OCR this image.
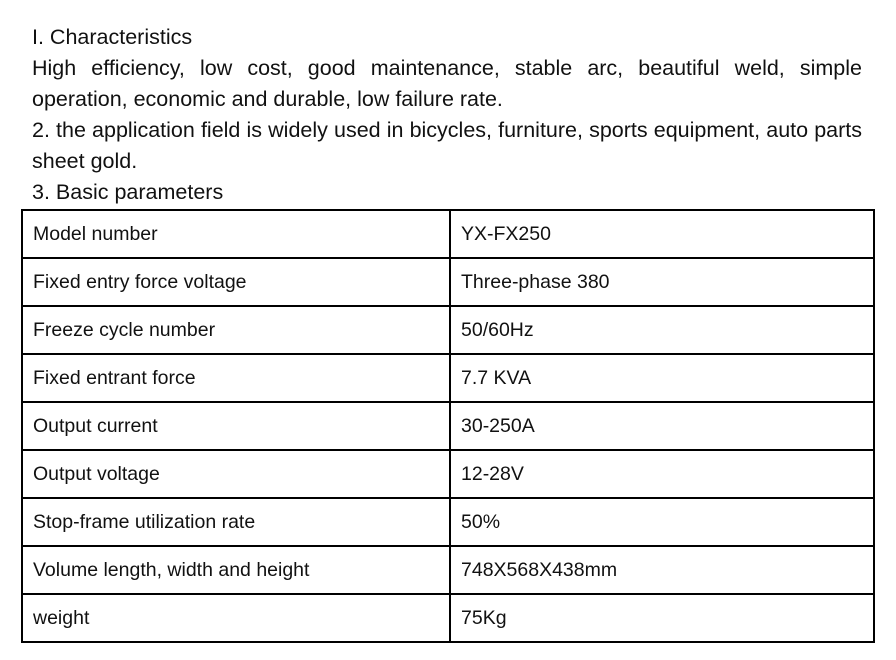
I. Characteristics

High efficiency, low cost, good maintenance, stable arc, beautiful weld, simple operation, economic and durable, low failure rate.

2. the application field is widely used in bicycles, furniture, sports equipment, auto parts sheet gold.

3. Basic parameters

Model number	YX-FX250
Fixed entry force voltage	Three-phase 380
Freeze cycle number	50/60Hz
Fixed entrant force	7.7 KVA
Output current	30-250A
Output voltage	12-28V
Stop-frame utilization rate	50%
Volume length, width and height	748X568X438mm
weight	75Kg
